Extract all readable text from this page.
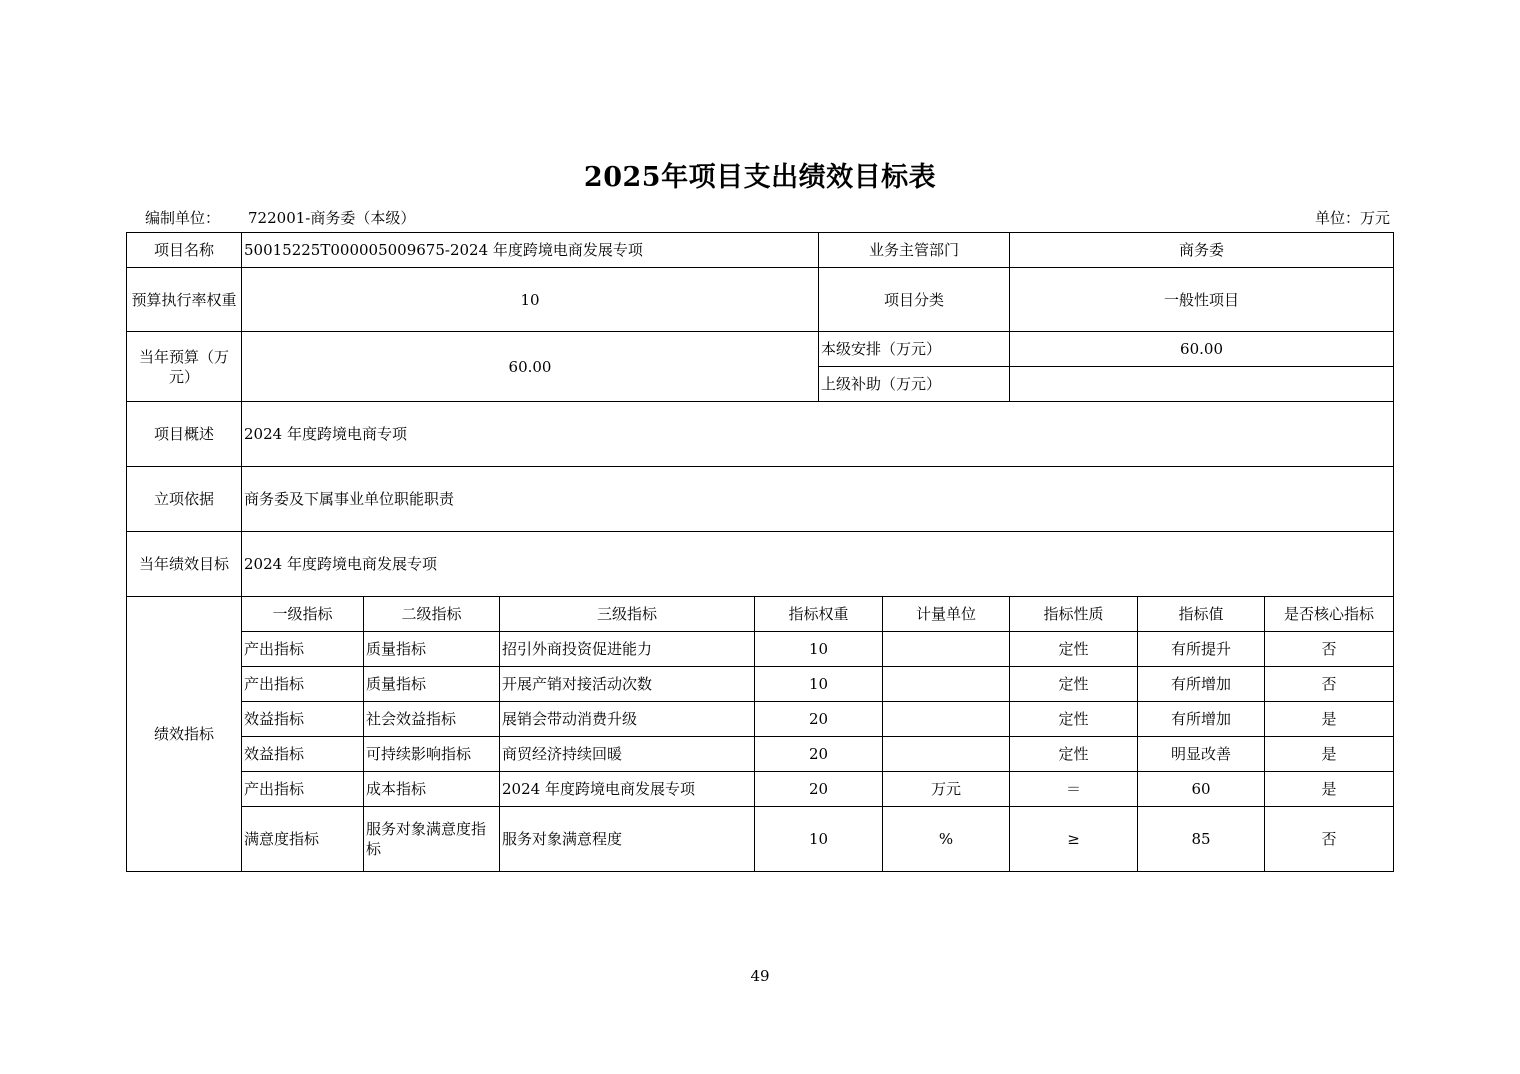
2025年项目支出绩效目标表
编制单位： 722001-商务委（本级）	单位：万元
项目名称	50015225T000005009675-2024 年度跨境电商发展专项				业务主管部门		商务委		
预算执行率权重	10				项目分类		一般性项目		
当年预算（万元）	60.00				本级安排（万元）		60.00		
					上级补助（万元）				
项目概述	2024 年度跨境电商专项								
立项依据	商务委及下属事业单位职能职责								
当年绩效目标	2024 年度跨境电商发展专项								
绩效指标	一级指标	二级指标	三级指标	指标权重		计量单位	指标性质	指标值	是否核心指标
	产出指标	质量指标	招引外商投资促进能力	10			定性	有所提升	否
	产出指标	质量指标	开展产销对接活动次数	10			定性	有所增加	否
	效益指标	社会效益指标	展销会带动消费升级	20			定性	有所增加	是
	效益指标	可持续影响指标	商贸经济持续回暖	20			定性	明显改善	是
	产出指标	成本指标	2024 年度跨境电商发展专项	20		万元	＝	60	是
	满意度指标	服务对象满意度指标	服务对象满意程度	10		%	≥	85	否
49
